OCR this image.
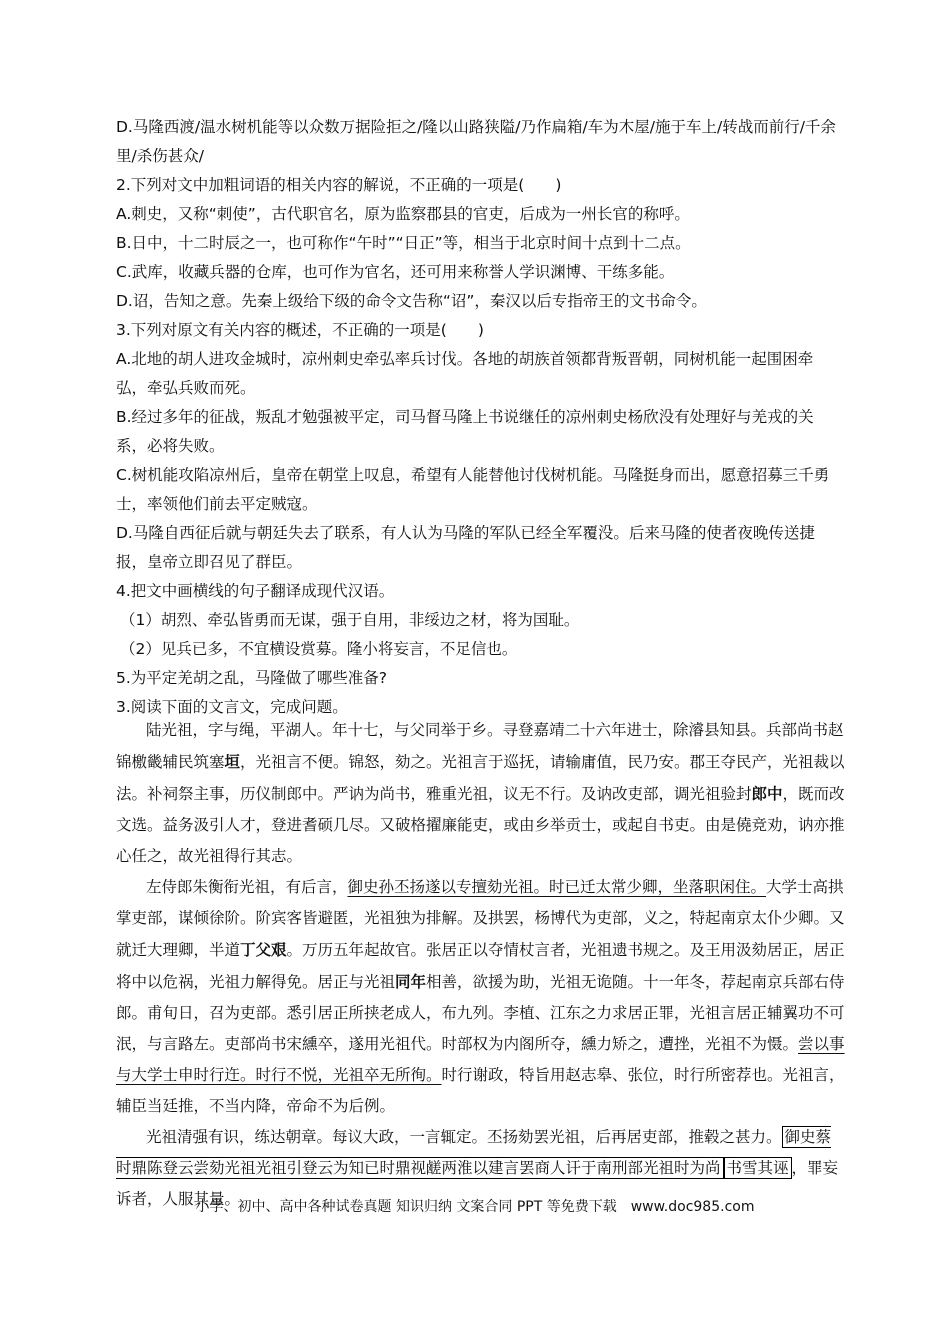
D.马隆西渡/温水树机能等以众数万据险拒之/隆以山路狭隘/乃作扁箱/车为木屋/施于车上/转战而前行/千余里/杀伤甚众/

2.下列对文中加粗词语的相关内容的解说，不正确的一项是(　　)

A.刺史，又称“刺使”，古代职官名，原为监察郡县的官吏，后成为一州长官的称呼。

B.日中，十二时辰之一，也可称作“午时”“日正”等，相当于北京时间十点到十二点。

C.武库，收藏兵器的仓库，也可作为官名，还可用来称誉人学识渊博、干练多能。

D.诏，告知之意。先秦上级给下级的命令文告称“诏”，秦汉以后专指帝王的文书命令。

3.下列对原文有关内容的概述，不正确的一项是(　　)

A.北地的胡人进攻金城时，凉州刺史牵弘率兵讨伐。各地的胡族首领都背叛晋朝，同树机能一起围困牵弘，牵弘兵败而死。

B.经过多年的征战，叛乱才勉强被平定，司马督马隆上书说继任的凉州刺史杨欣没有处理好与羌戎的关系，必将失败。

C.树机能攻陷凉州后，皇帝在朝堂上叹息，希望有人能替他讨伐树机能。马隆挺身而出，愿意招募三千勇士，率领他们前去平定贼寇。

D.马隆自西征后就与朝廷失去了联系，有人认为马隆的军队已经全军覆没。后来马隆的使者夜晚传送捷报，皇帝立即召见了群臣。

4.把文中画横线的句子翻译成现代汉语。

（1）胡烈、牵弘皆勇而无谋，强于自用，非绥边之材，将为国耻。

（2）见兵已多，不宜横设赏募。隆小将妄言，不足信也。

5.为平定羌胡之乱，马隆做了哪些准备?

3.阅读下面的文言文，完成问题。

陆光祖，字与绳，平湖人。年十七，与父同举于乡。寻登嘉靖二十六年进士，除濬县知县。兵部尚书赵锦檄畿辅民筑塞垣，光祖言不便。锦怒，劾之。光祖言于巡抚，请输庸值，民乃安。郡王夺民产，光祖裁以法。补祠祭主事，历仪制郎中。严讷为尚书，雅重光祖，议无不行。及讷改吏部，调光祖验封郎中，既而改文选。益务汲引人才，登进耆硕几尽。又破格擢廉能吏，或由乡举贡士，或起自书吏。由是僥竞劝，讷亦推心任之，故光祖得行其志。

左侍郎朱衡衔光祖，有后言，御史孙丕扬遂以专擅劾光祖。时已迁太常少卿，坐落职闲住。大学士高拱掌吏部，谋倾徐阶。阶宾客皆避匿，光祖独为排解。及拱罢，杨博代为吏部，义之，特起南京太仆少卿。又就迁大理卿，半道丁父艰。万历五年起故官。张居正以夺情杖言者，光祖遗书规之。及王用汲劾居正，居正将中以危祸，光祖力解得免。居正与光祖同年相善，欲援为助，光祖无诡随。十一年冬，荐起南京兵部右侍郎。甫旬日，召为吏部。悉引居正所挟老成人，布九列。李植、江东之力求居正罪，光祖言居正辅翼功不可泯，与言路左。吏部尚书宋纁卒，遂用光祖代。时部权为内阁所夺，纁力矫之，遭挫，光祖不为慑。尝以事与大学士申时行迕。时行不悦，光祖卒无所徇。时行谢政，特旨用赵志皋、张位，时行所密荐也。光祖言，辅臣当廷推，不当内降，帝命不为后例。

光祖清强有识，练达朝章。每议大政，一言辄定。丕扬劾罢光祖，后再居吏部，推毂之甚力。 御史蔡时鼎陈登云尝劾光祖光祖引登云为知已时鼎视鹾两淮以建言罢商人讦于南刑部光祖时为尚 书雪其诬 ，罪妄诉者，人服其量。

小学、初中、高中各种试卷真题 知识归纳 文案合同 PPT 等免费下载　www.doc985.com
